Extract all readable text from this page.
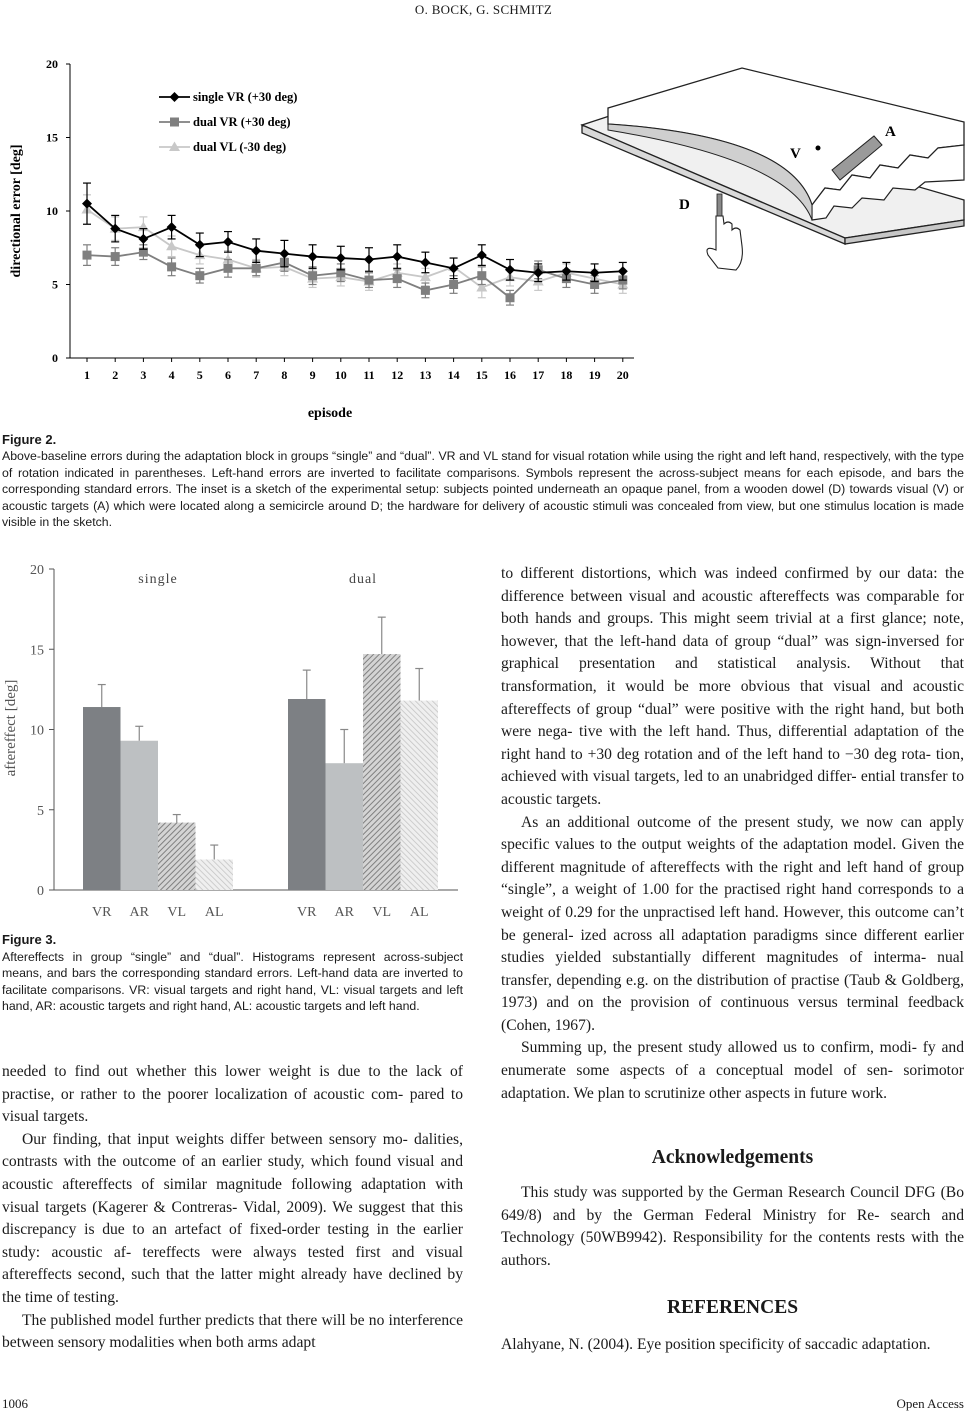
O. BOCK, G. SCHMITZ
0
5
10
15
20
1 2 3 4 5 6 7 8 9 10 11 12 13 14 15 16 17 18 19 20
directional error [deg]
episode
single VR (+30 deg)
dual VR (+30 deg)
dual VL (-30 deg)
A
V
D
Figure 2.
Above-baseline errors during the adaptation block in groups “single” and “dual”. VR and VL stand for visual rotation while using the right and left hand, respectively, with the type of rotation indicated in parentheses. Left-hand errors are inverted to facilitate comparisons. Symbols represent the across-subject means for each episode, and bars the corresponding standard errors. The inset is a sketch of the experimental setup: subjects pointed underneath an opaque panel, from a wooden dowel (D) towards visual (V) or acoustic targets (A) which were located along a semicircle around D; the hardware for delivery of acoustic stimuli was concealed from view, but one stimulus location is made visible in the sketch.
0
5
10
15
20
aftereffect [deg]
single
VR AR VL AL
dual
VR AR VL AL
Figure 3.
Aftereffects in group “single” and “dual”. Histograms represent across-subject means, and bars the corresponding standard errors. Left-hand data are inverted to facilitate comparisons. VR: visual targets and right hand, VL: visual targets and left hand, AR: acoustic targets and right hand, AL: acoustic targets and left hand.

needed to find out whether this lower weight is due to the lack of practise, or rather to the poorer localization of acoustic com- pared to visual targets.

Our finding, that input weights differ between sensory mo- dalities, contrasts with the outcome of an earlier study, which found visual and acoustic aftereffects of similar magnitude following adaptation with visual targets (Kagerer & Contreras- Vidal, 2009). We suggest that this discrepancy is due to an artefact of fixed-order testing in the earlier study: acoustic af- tereffects were always tested first and visual aftereffects second, such that the latter might already have declined by the time of testing.

The published model further predicts that there will be no interference between sensory modalities when both arms adapt

to different distortions, which was indeed confirmed by our data: the difference between visual and acoustic aftereffects was comparable for both hands and groups. This might seem trivial at a first glance; note, however, that the left-hand data of group “dual” was sign-inversed for graphical presentation and statistical analysis. Without that transformation, it would be more obvious that visual and acoustic aftereffects of group “dual” were positive with the right hand, but both were nega- tive with the left hand. Thus, differential adaptation of the right hand to +30 deg rotation and of the left hand to −30 deg rota- tion, achieved with visual targets, led to an unabridged differ- ential transfer to acoustic targets.

As an additional outcome of the present study, we now can apply specific values to the output weights of the adaptation model. Given the different magnitude of aftereffects with the right and left hand of group “single”, a weight of 1.00 for the practised right hand corresponds to a weight of 0.29 for the unpractised left hand. However, this outcome can’t be general- ized across all adaptation paradigms since different earlier studies yielded substantially different magnitudes of interma- nual transfer, depending e.g. on the distribution of practise (Taub & Goldberg, 1973) and on the provision of continuous versus terminal feedback (Cohen, 1967).

Summing up, the present study allowed us to confirm, modi- fy and enumerate some aspects of a conceptual model of sen- sorimotor adaptation. We plan to scrutinize other aspects in future work.

Acknowledgements

This study was supported by the German Research Council DFG (Bo 649/8) and by the German Federal Ministry for Re- search and Technology (50WB9942). Responsibility for the contents rests with the authors.

REFERENCES

Alahyane, N. (2004). Eye position specificity of saccadic adaptation.

1006	Open Access
